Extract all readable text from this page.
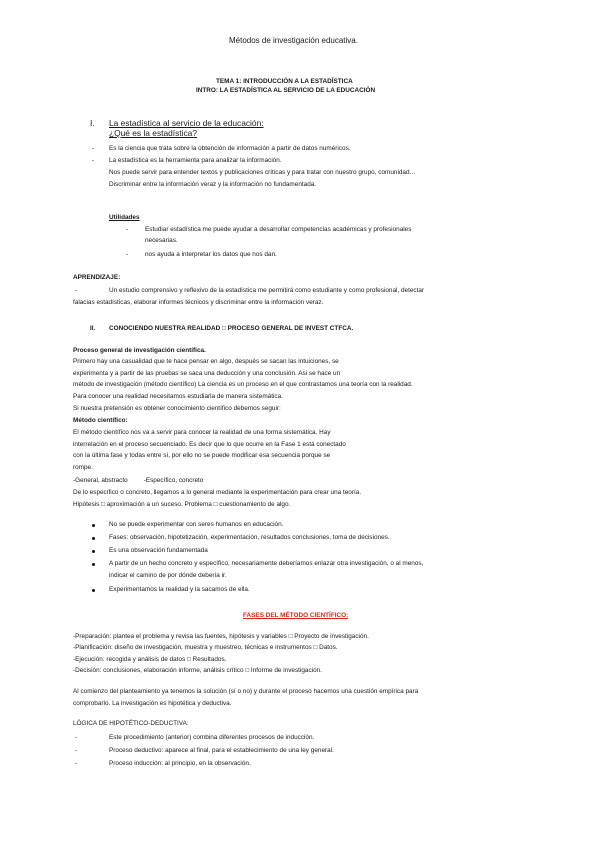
Métodos de investigación educativa.
TEMA 1: INTRODUCCIÓN A LA ESTADÍSTICA
INTRO: LA ESTADÍSTICA AL SERVICIO DE LA EDUCACIÓN
I. La estadística al servicio de la educación:
¿Qué es la estadística?
- Es la ciencia que trata sobre la obtención de información a partir de datos numéricos.
- La estadística es la herramienta para analizar la información.
Nos puede servir para entender textos y publicaciones críticas y para tratar con nuestro grupo, comunidad…
Discriminar entre la información veraz y la información no fundamentada.
Utilidades
-	Estudiar estadística me puede ayudar a desarrollar competencias académicas y profesionales
necesarias.
-	nos ayuda a interpretar los datos que nos dan.
APRENDIZAJE:
-	Un estudio comprensivo y reflexivo de la estadística me permitirá como estudiante y como profesional, detectar
falacias estadísticas, elaborar informes técnicos y discriminar entre la información veraz.
II. CONOCIENDO NUESTRA REALIDAD □ PROCESO GENERAL DE INVEST CTFCA.
Proceso general de investigación científica.
Primero hay una casualidad que te hace pensar en algo, después se sacan las intuiciones, se
experimenta y a partir de las pruebas se saca una deducción y una conclusión. Asi se hace un
método de investigación (método científico) La ciencia es un proceso en el que contrastamos una teoría con la realidad.
Para conocer una realidad necesitamos estudiarla de manera sistemática.
Si nuestra pretensión es obtener conocimiento científico debemos seguir:
Método científico:
El método científico nos va a servir para conocer la realidad de una forma sistemática. Hay
interrelación en el proceso secuenciado. Es decir que lo que ocurre en la Fase 1 está conectado
con la última fase y todas entre sí, por ello no se puede modificar esa secuencia porque se
rompe.
-General, abstracto         -Específico, concreto
De lo específico o concreto, llegamos a lo general mediante la experimentación para crear una teoría.
Hipótesis □ aproximación a un suceso. Problema □ cuestionamiento de algo.
No se puede experimentar con seres humanos en educación.
Fases: observación, hipotetización, experimentación, resultados conclusiones, toma de decisiones.
Es una observación fundamentada
A partir de un hecho concreto y específico, necesariamente deberíamos enlazar otra investigación, o al menos,
indicar el camino de por dónde debería ir.
Experimentamos la realidad y la sacamos de ella.
FASES DEL MÉTODO CIENTÍFICO:
-Preparación: plantea el problema y revisa las fuentes, hipótesis y variables □ Proyecto de investigación.
-Planificación: diseño de investigación, muestra y muestreo, técnicas e instrumentos □ Datos.
-Ejecución: recogida y análisis de datos □ Resultados.
-Decisión: conclusiones, elaboración informe, análisis crítico □ Informe de investigación.
Al comienzo del planteamiento ya tenemos la solución (sí o no) y durante el proceso hacemos una cuestión empírica para
comprobarlo. La investigación es hipotética y deductiva.
LÓGICA DE HIPOTÉTICO-DEDUCTIVA:
-	Este procedimiento (anterior) combina diferentes procesos de inducción.
-	Proceso deductivo: aparece al final, para el establecimiento de una ley general.
-	Proceso inducción: al principio, en la observación.
